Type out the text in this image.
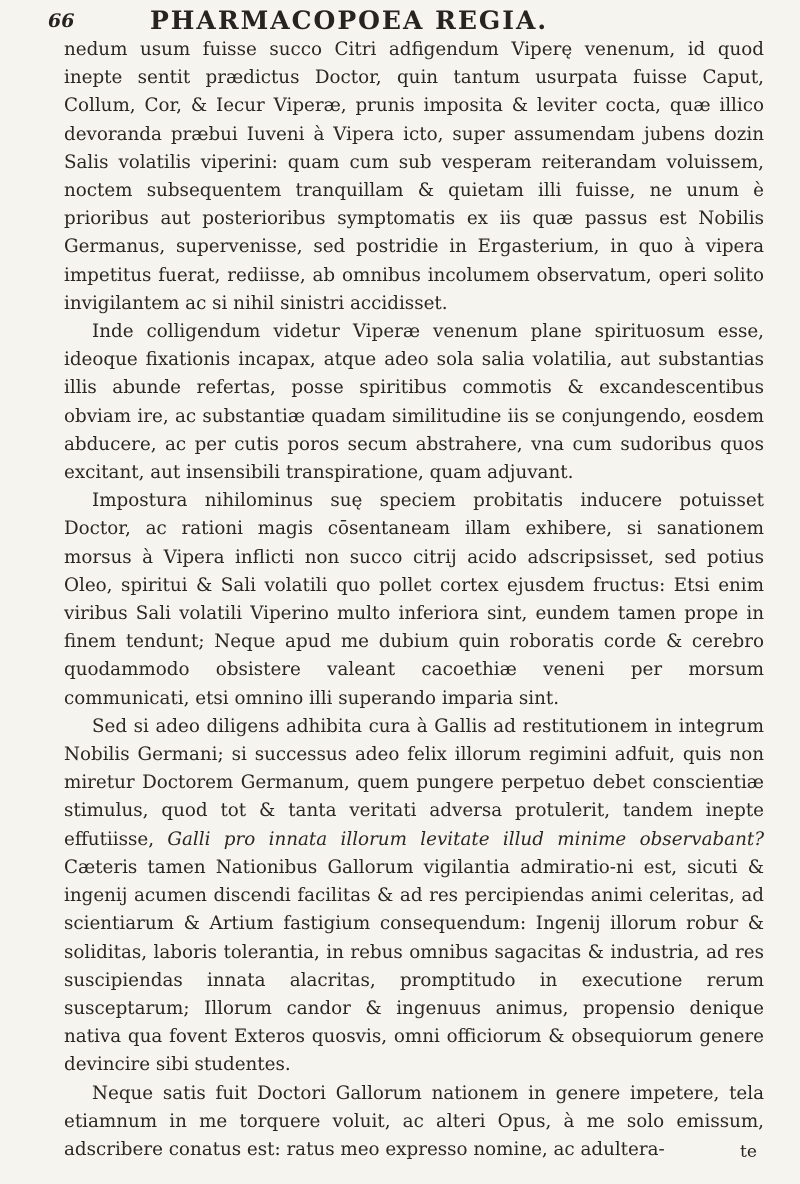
66	PHARMACOPOEA REGIA.

nedum usum fuisse succo Citri adfigendum Viperę venenum, id quod inepte sentit prædictus Doctor, quin tantum usurpata fuisse Caput, Collum, Cor, & Iecur Viperæ, prunis imposita & leviter cocta, quæ illico devoranda præbui Iuveni à Vipera icto, super assumendam jubens dozin Salis volatilis viperini: quam cum sub vesperam reiterandam voluissem, noctem subsequentem tranquillam & quietam illi fuisse, ne unum è prioribus aut posterioribus symptomatis ex iis quæ passus est Nobilis Germanus, supervenisse, sed postridie in Ergasterium, in quo à vipera impetitus fuerat, rediisse, ab omnibus incolumem observatum, operi solito invigilantem ac si nihil sinistri accidisset.

Inde colligendum videtur Viperæ venenum plane spirituosum esse, ideoque fixationis incapax, atque adeo sola salia volatilia, aut substantias illis abunde refertas, posse spiritibus commotis & excandescentibus obviam ire, ac substantiæ quadam similitudine iis se conjungendo, eosdem abducere, ac per cutis poros secum abstrahere, vna cum sudoribus quos excitant, aut insensibili transpiratione, quam adjuvant.

Impostura nihilominus suę speciem probitatis inducere potuisset Doctor, ac rationi magis cōsentaneam illam exhibere, si sanationem morsus à Vipera inflicti non succo citrij acido adscripsisset, sed potius Oleo, spiritui & Sali volatili quo pollet cortex ejusdem fructus: Etsi enim viribus Sali volatili Viperino multo inferiora sint, eundem tamen prope in finem tendunt; Neque apud me dubium quin roboratis corde & cerebro quodammodo obsistere valeant cacoethiæ veneni per morsum communicati, etsi omnino illi superando imparia sint.

Sed si adeo diligens adhibita cura à Gallis ad restitutionem in integrum Nobilis Germani; si successus adeo felix illorum regimini adfuit, quis non miretur Doctorem Germanum, quem pungere perpetuo debet conscientiæ stimulus, quod tot & tanta veritati adversa protulerit, tandem inepte effutiisse, Galli pro innata illorum levitate illud minime observabant? Cæteris tamen Nationibus Gallorum vigilantia admiratio-ni est, sicuti & ingenij acumen discendi facilitas & ad res percipiendas animi celeritas, ad scientiarum & Artium fastigium consequendum: Ingenij illorum robur & soliditas, laboris tolerantia, in rebus omnibus sagacitas & industria, ad res suscipiendas innata alacritas, promptitudo in executione rerum susceptarum; Illorum candor & ingenuus animus, propensio denique nativa qua fovent Exteros quosvis, omni officiorum & obsequiorum genere devincire sibi studentes.

Neque satis fuit Doctori Gallorum nationem in genere impetere, tela etiamnum in me torquere voluit, ac alteri Opus, à me solo emissum, adscribere conatus est: ratus meo expresso nomine, ac adultera-	te
